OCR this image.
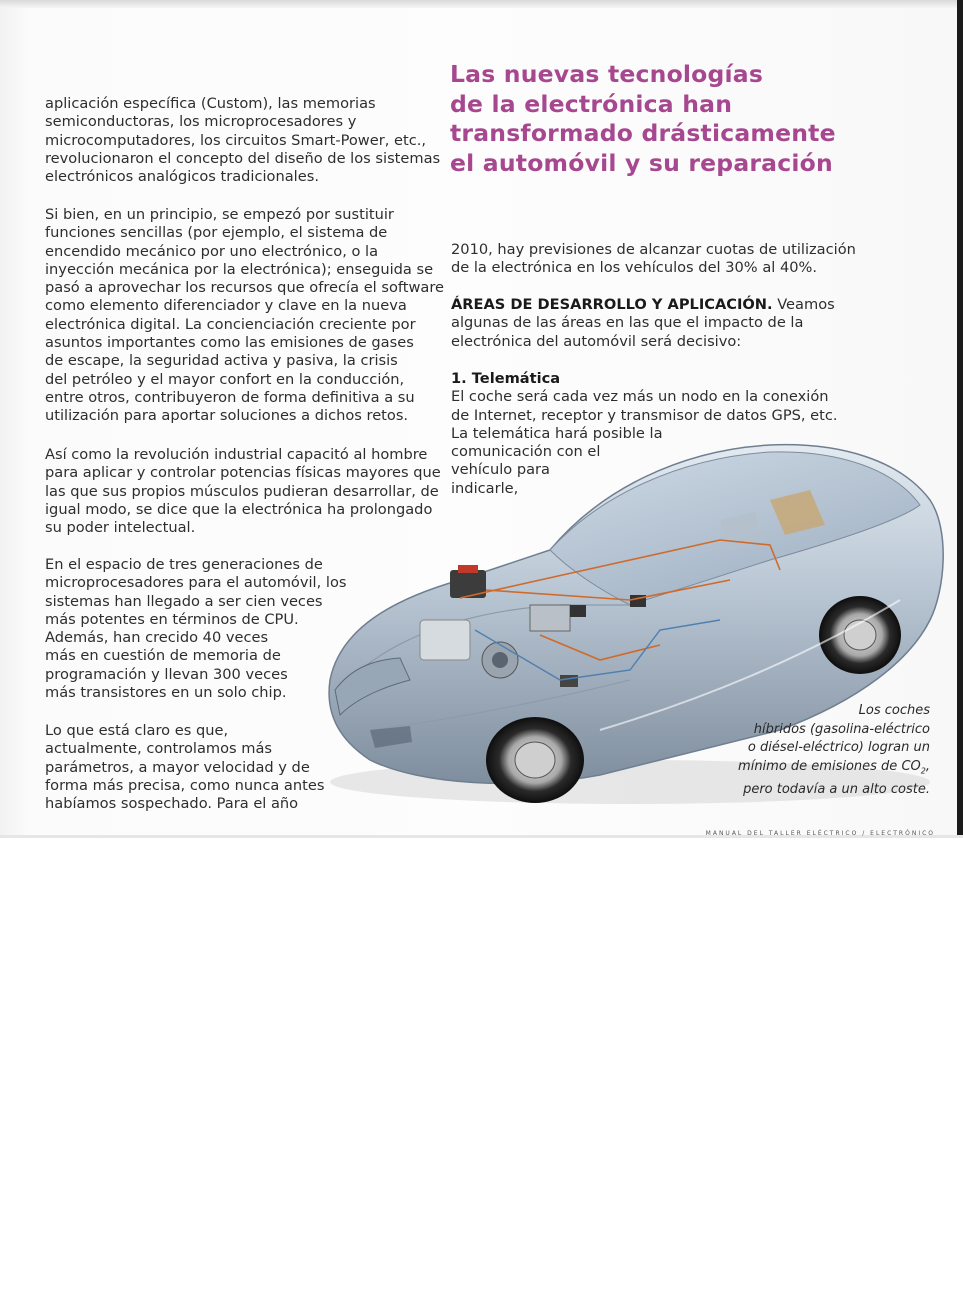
Las nuevas tecnologías
de la electrónica han
transformado drásticamente
el automóvil y su reparación

aplicación específica (Custom), las memorias
semiconductoras, los microprocesadores y
microcomputadores, los circuitos Smart-Power, etc.,
revolucionaron el concepto del diseño de los sistemas
electrónicos analógicos tradicionales.

Si bien, en un principio, se empezó por sustituir
funciones sencillas (por ejemplo, el sistema de
encendido mecánico por uno electrónico, o la
inyección mecánica por la electrónica); enseguida se
pasó a aprovechar los recursos que ofrecía el software
como elemento diferenciador y clave en la nueva
electrónica digital. La concienciación creciente por
asuntos importantes como las emisiones de gases
de escape, la seguridad activa y pasiva, la crisis
del petróleo y el mayor confort en la conducción,
entre otros, contribuyeron de forma definitiva a su
utilización para aportar soluciones a dichos retos.

Así como la revolución industrial capacitó al hombre
para aplicar y controlar potencias físicas mayores que
las que sus propios músculos pudieran desarrollar, de
igual modo, se dice que la electrónica ha prolongado
su poder intelectual.

En el espacio de tres generaciones de
microprocesadores para el automóvil, los
sistemas han llegado a ser cien veces
más potentes en términos de CPU.
Además, han crecido 40 veces
más en cuestión de memoria de
programación y llevan 300 veces
más transistores en un solo chip.

Lo que está claro es que,
actualmente, controlamos más
parámetros, a mayor velocidad y de
forma más precisa, como nunca antes
habíamos sospechado. Para el año

2010, hay previsiones de alcanzar cuotas de utilización
de la electrónica en los vehículos del 30% al 40%.

ÁREAS DE DESARROLLO Y APLICACIÓN. Veamos
algunas de las áreas en las que el impacto de la
electrónica del automóvil será decisivo:

1. Telemática
El coche será cada vez más un nodo en la conexión
de Internet, receptor y transmisor de datos GPS, etc.
La telemática hará posible la
comunicación con el
vehículo para
indicarle,

Los coches
híbridos (gasolina-eléctrico
o diésel-eléctrico) logran un
mínimo de emisiones de $CO_2$,
pero todavía a un alto coste.

MANUAL DEL TALLER ELÉCTRICO / ELECTRÓNICO
